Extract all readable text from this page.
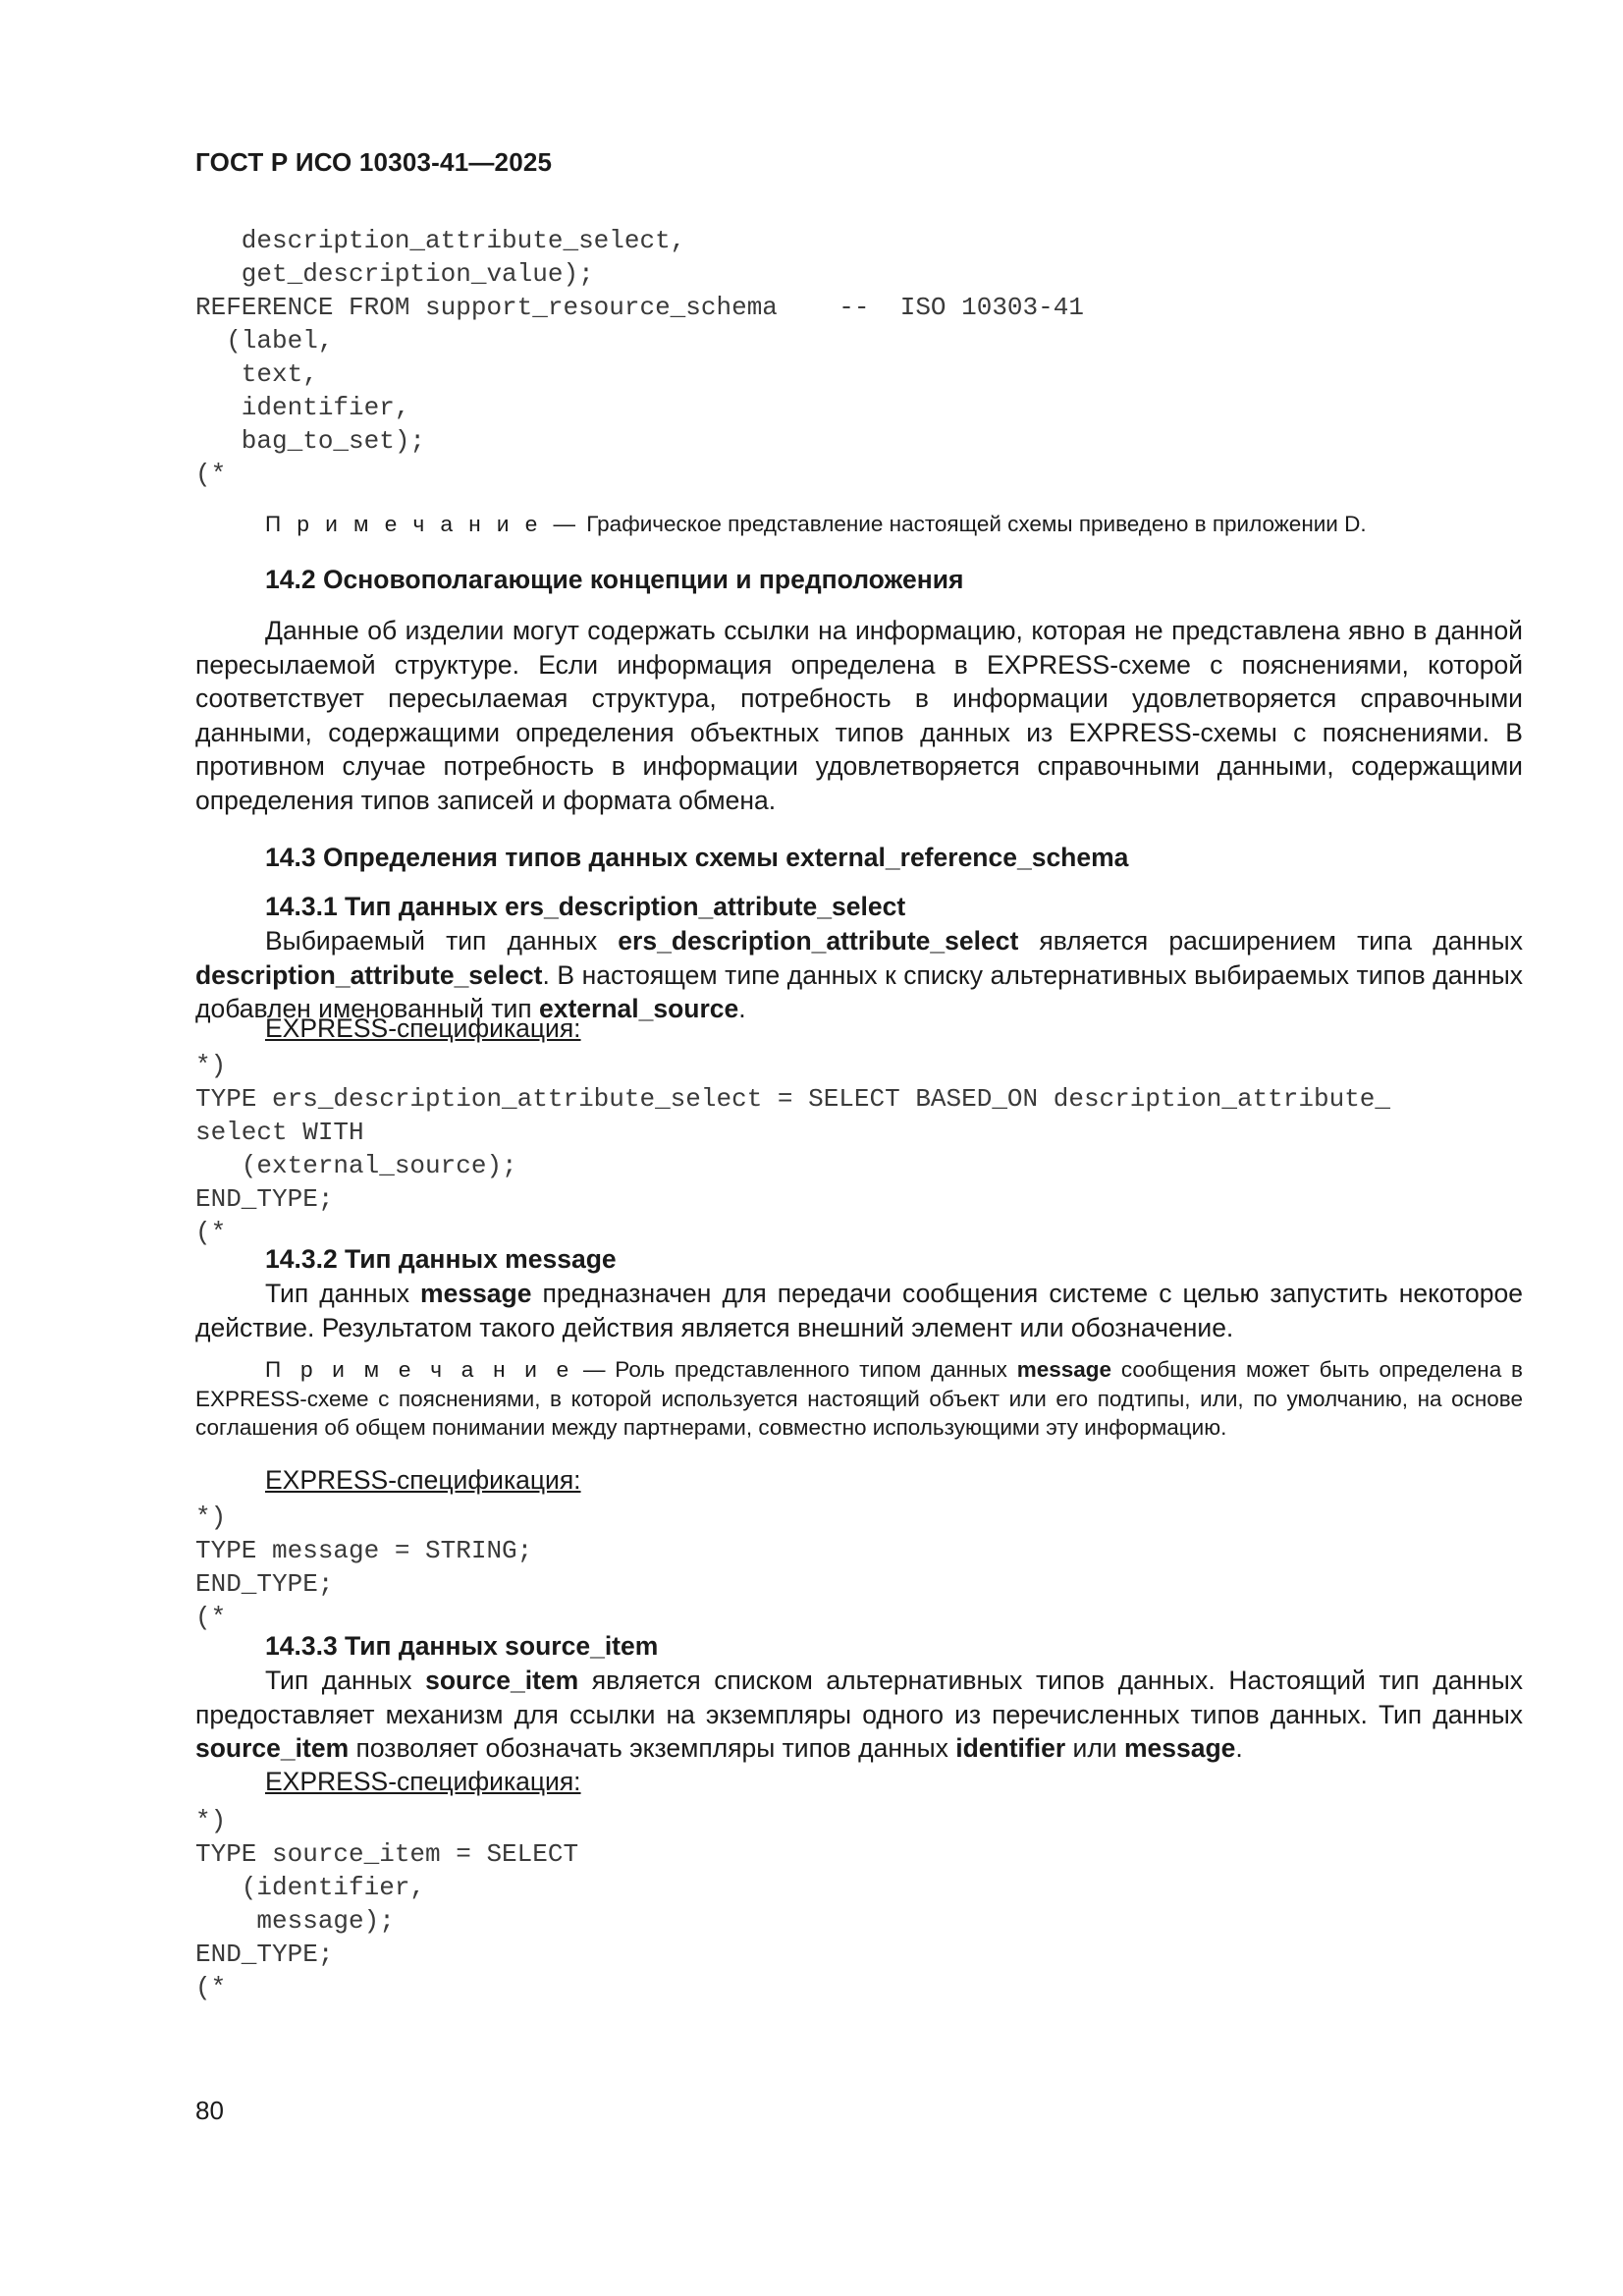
ГОСТ Р ИСО 10303-41—2025
description_attribute_select,
get_description_value);
REFERENCE FROM support_resource_schema    --  ISO 10303-41
(label,
text,
identifier,
bag_to_set);
(*

П р и м е ч а н и е — Графическое представление настоящей схемы приведено в приложении D.

14.2 Основополагающие концепции и предположения

Данные об изделии могут содержать ссылки на информацию, которая не представлена явно в данной пересылаемой структуре. Если информация определена в EXPRESS-схеме с пояснениями, которой соответствует пересылаемая структура, потребность в информации удовлетворяется справочными данными, содержащими определения объектных типов данных из EXPRESS-схемы с пояснениями. В противном случае потребность в информации удовлетворяется справочными данными, содержащими определения типов записей и формата обмена.

14.3 Определения типов данных схемы external_reference_schema

14.3.1 Тип данных ers_description_attribute_select

Выбираемый тип данных ers_description_attribute_select является расширением типа данных description_attribute_select. В настоящем типе данных к списку альтернативных выбираемых типов данных добавлен именованный тип external_source.

EXPRESS-спецификация:

*)
TYPE ers_description_attribute_select = SELECT BASED_ON description_attribute_
select WITH
(external_source);
END_TYPE;
(*

14.3.2 Тип данных message

Тип данных message предназначен для передачи сообщения системе с целью запустить некоторое действие. Результатом такого действия является внешний элемент или обозначение.

П р и м е ч а н и е — Роль представленного типом данных message сообщения может быть определена в EXPRESS-схеме с пояснениями, в которой используется настоящий объект или его подтипы, или, по умолчанию, на основе соглашения об общем понимании между партнерами, совместно использующими эту информацию.

EXPRESS-спецификация:

*)
TYPE message = STRING;
END_TYPE;
(*

14.3.3 Тип данных source_item

Тип данных source_item является списком альтернативных типов данных. Настоящий тип данных предоставляет механизм для ссылки на экземпляры одного из перечисленных типов данных. Тип данных source_item позволяет обозначать экземпляры типов данных identifier или message.

EXPRESS-спецификация:

*)
TYPE source_item = SELECT
(identifier,
message);
END_TYPE;
(*
80
